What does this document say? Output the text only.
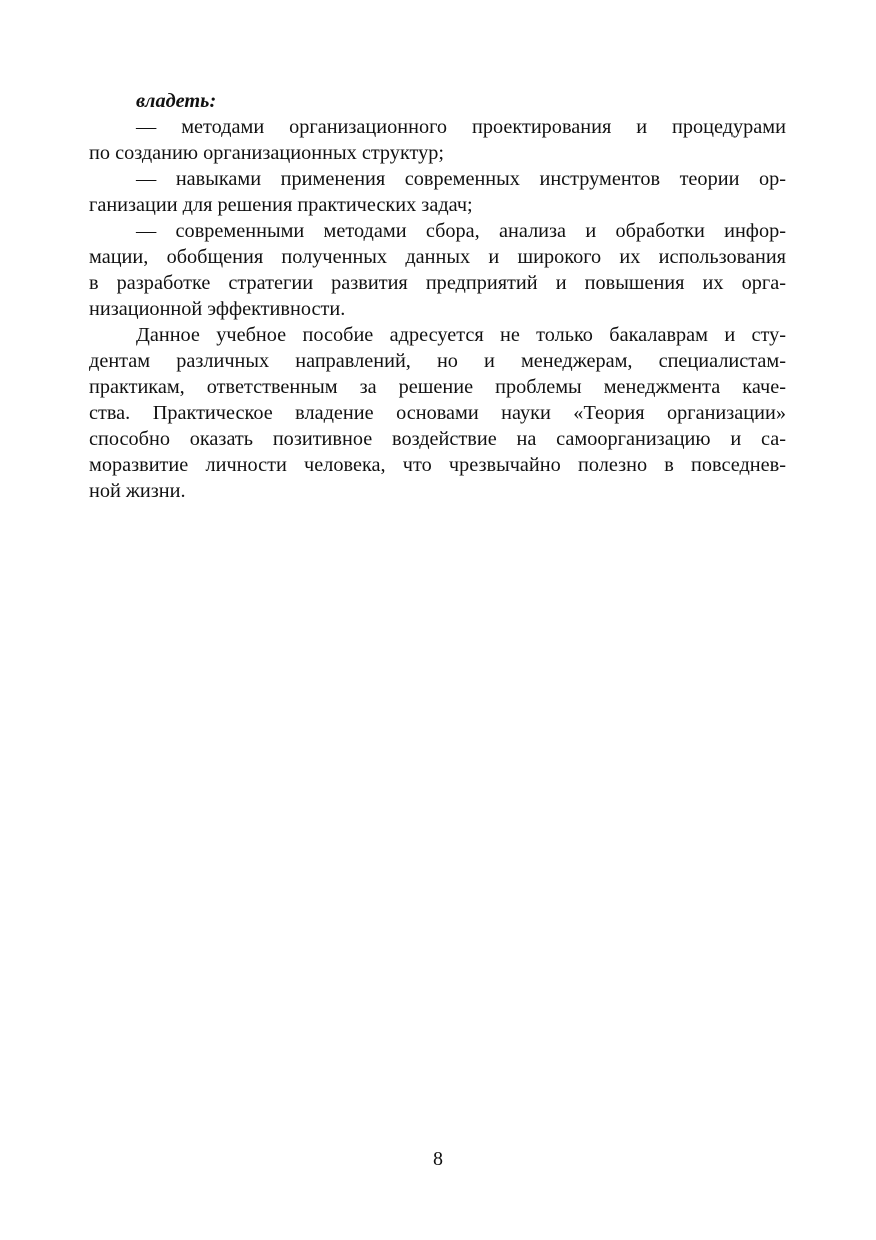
владеть:
— методами организационного проектирования и процедурами
по созданию организационных структур;
— навыками применения современных инструментов теории ор-
ганизации для решения практических задач;
— современными методами сбора, анализа и обработки инфор-
мации, обобщения полученных данных и широкого их использования
в разработке стратегии развития предприятий и повышения их орга-
низационной эффективности.
Данное учебное пособие адресуется не только бакалаврам и сту-
дентам различных направлений, но и менеджерам, специалистам-
практикам, ответственным за решение проблемы менеджмента каче-
ства. Практическое владение основами науки «Теория организации»
способно оказать позитивное воздействие на самоорганизацию и са-
моразвитие личности человека, что чрезвычайно полезно в повседнев-
ной жизни.
8
